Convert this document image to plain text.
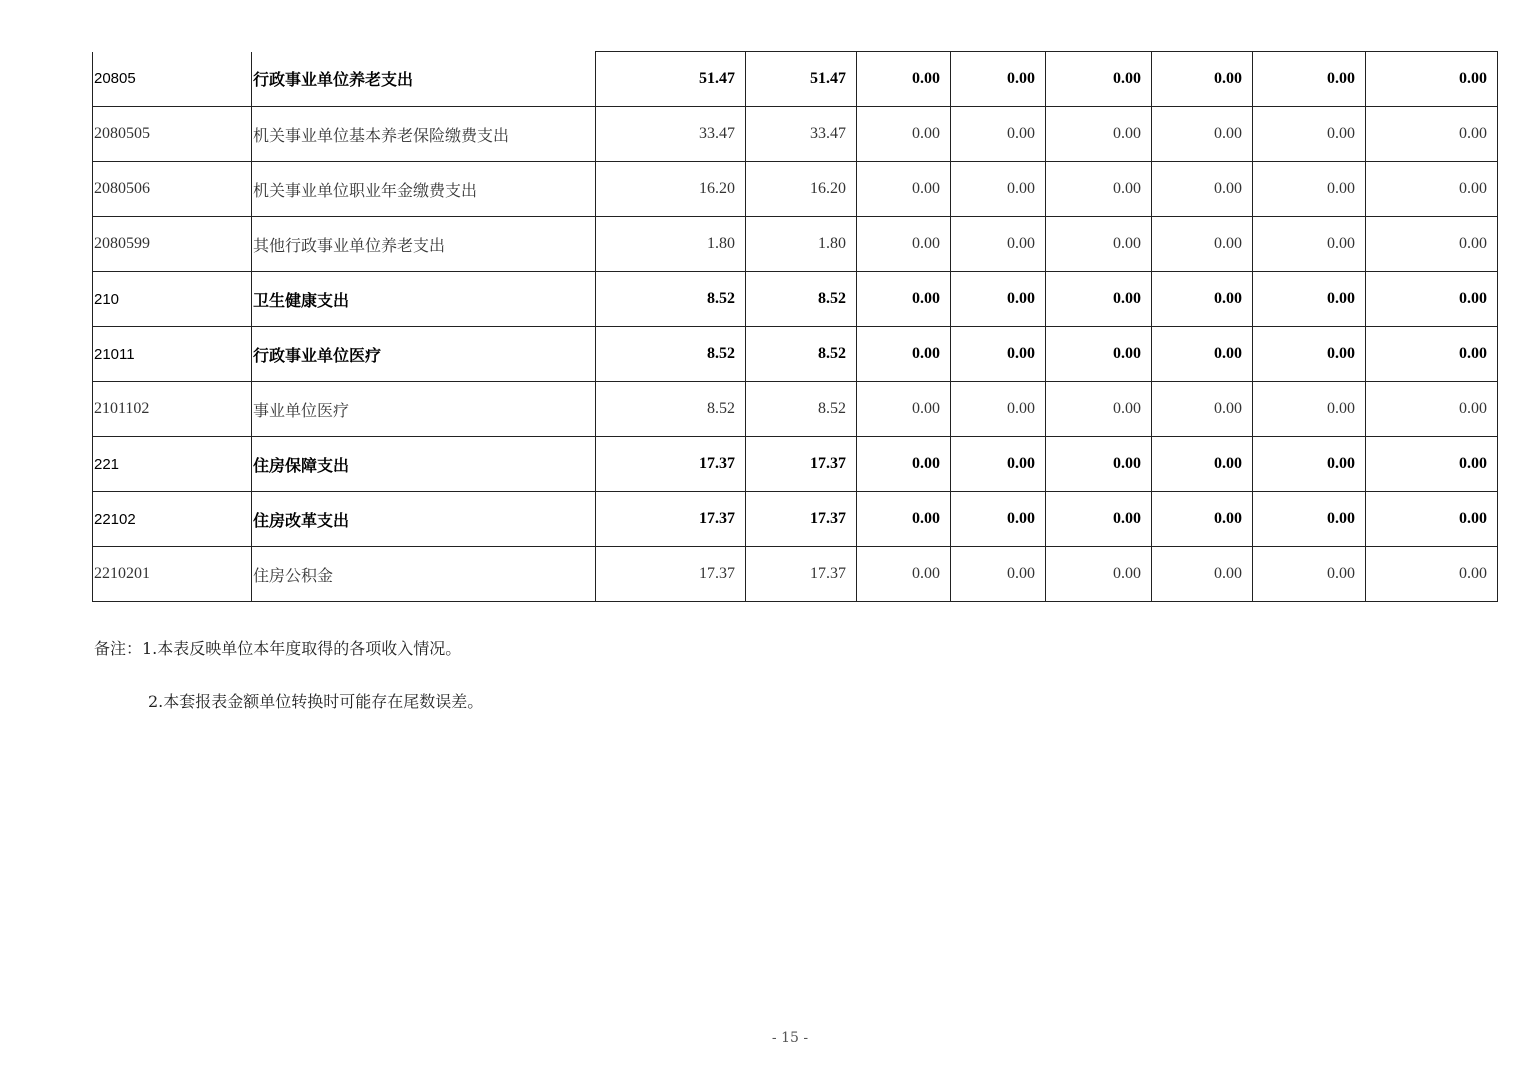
20805	行政事业单位养老支出	51.47	51.47	0.00	0.00	0.00	0.00	0.00	0.00
2080505	机关事业单位基本养老保险缴费支出	33.47	33.47	0.00	0.00	0.00	0.00	0.00	0.00
2080506	机关事业单位职业年金缴费支出	16.20	16.20	0.00	0.00	0.00	0.00	0.00	0.00
2080599	其他行政事业单位养老支出	1.80	1.80	0.00	0.00	0.00	0.00	0.00	0.00
210	卫生健康支出	8.52	8.52	0.00	0.00	0.00	0.00	0.00	0.00
21011	行政事业单位医疗	8.52	8.52	0.00	0.00	0.00	0.00	0.00	0.00
2101102	事业单位医疗	8.52	8.52	0.00	0.00	0.00	0.00	0.00	0.00
221	住房保障支出	17.37	17.37	0.00	0.00	0.00	0.00	0.00	0.00
22102	住房改革支出	17.37	17.37	0.00	0.00	0.00	0.00	0.00	0.00
2210201	住房公积金	17.37	17.37	0.00	0.00	0.00	0.00	0.00	0.00
备注：1.本表反映单位本年度取得的各项收入情况。
2.本套报表金额单位转换时可能存在尾数误差。
- 15 -
